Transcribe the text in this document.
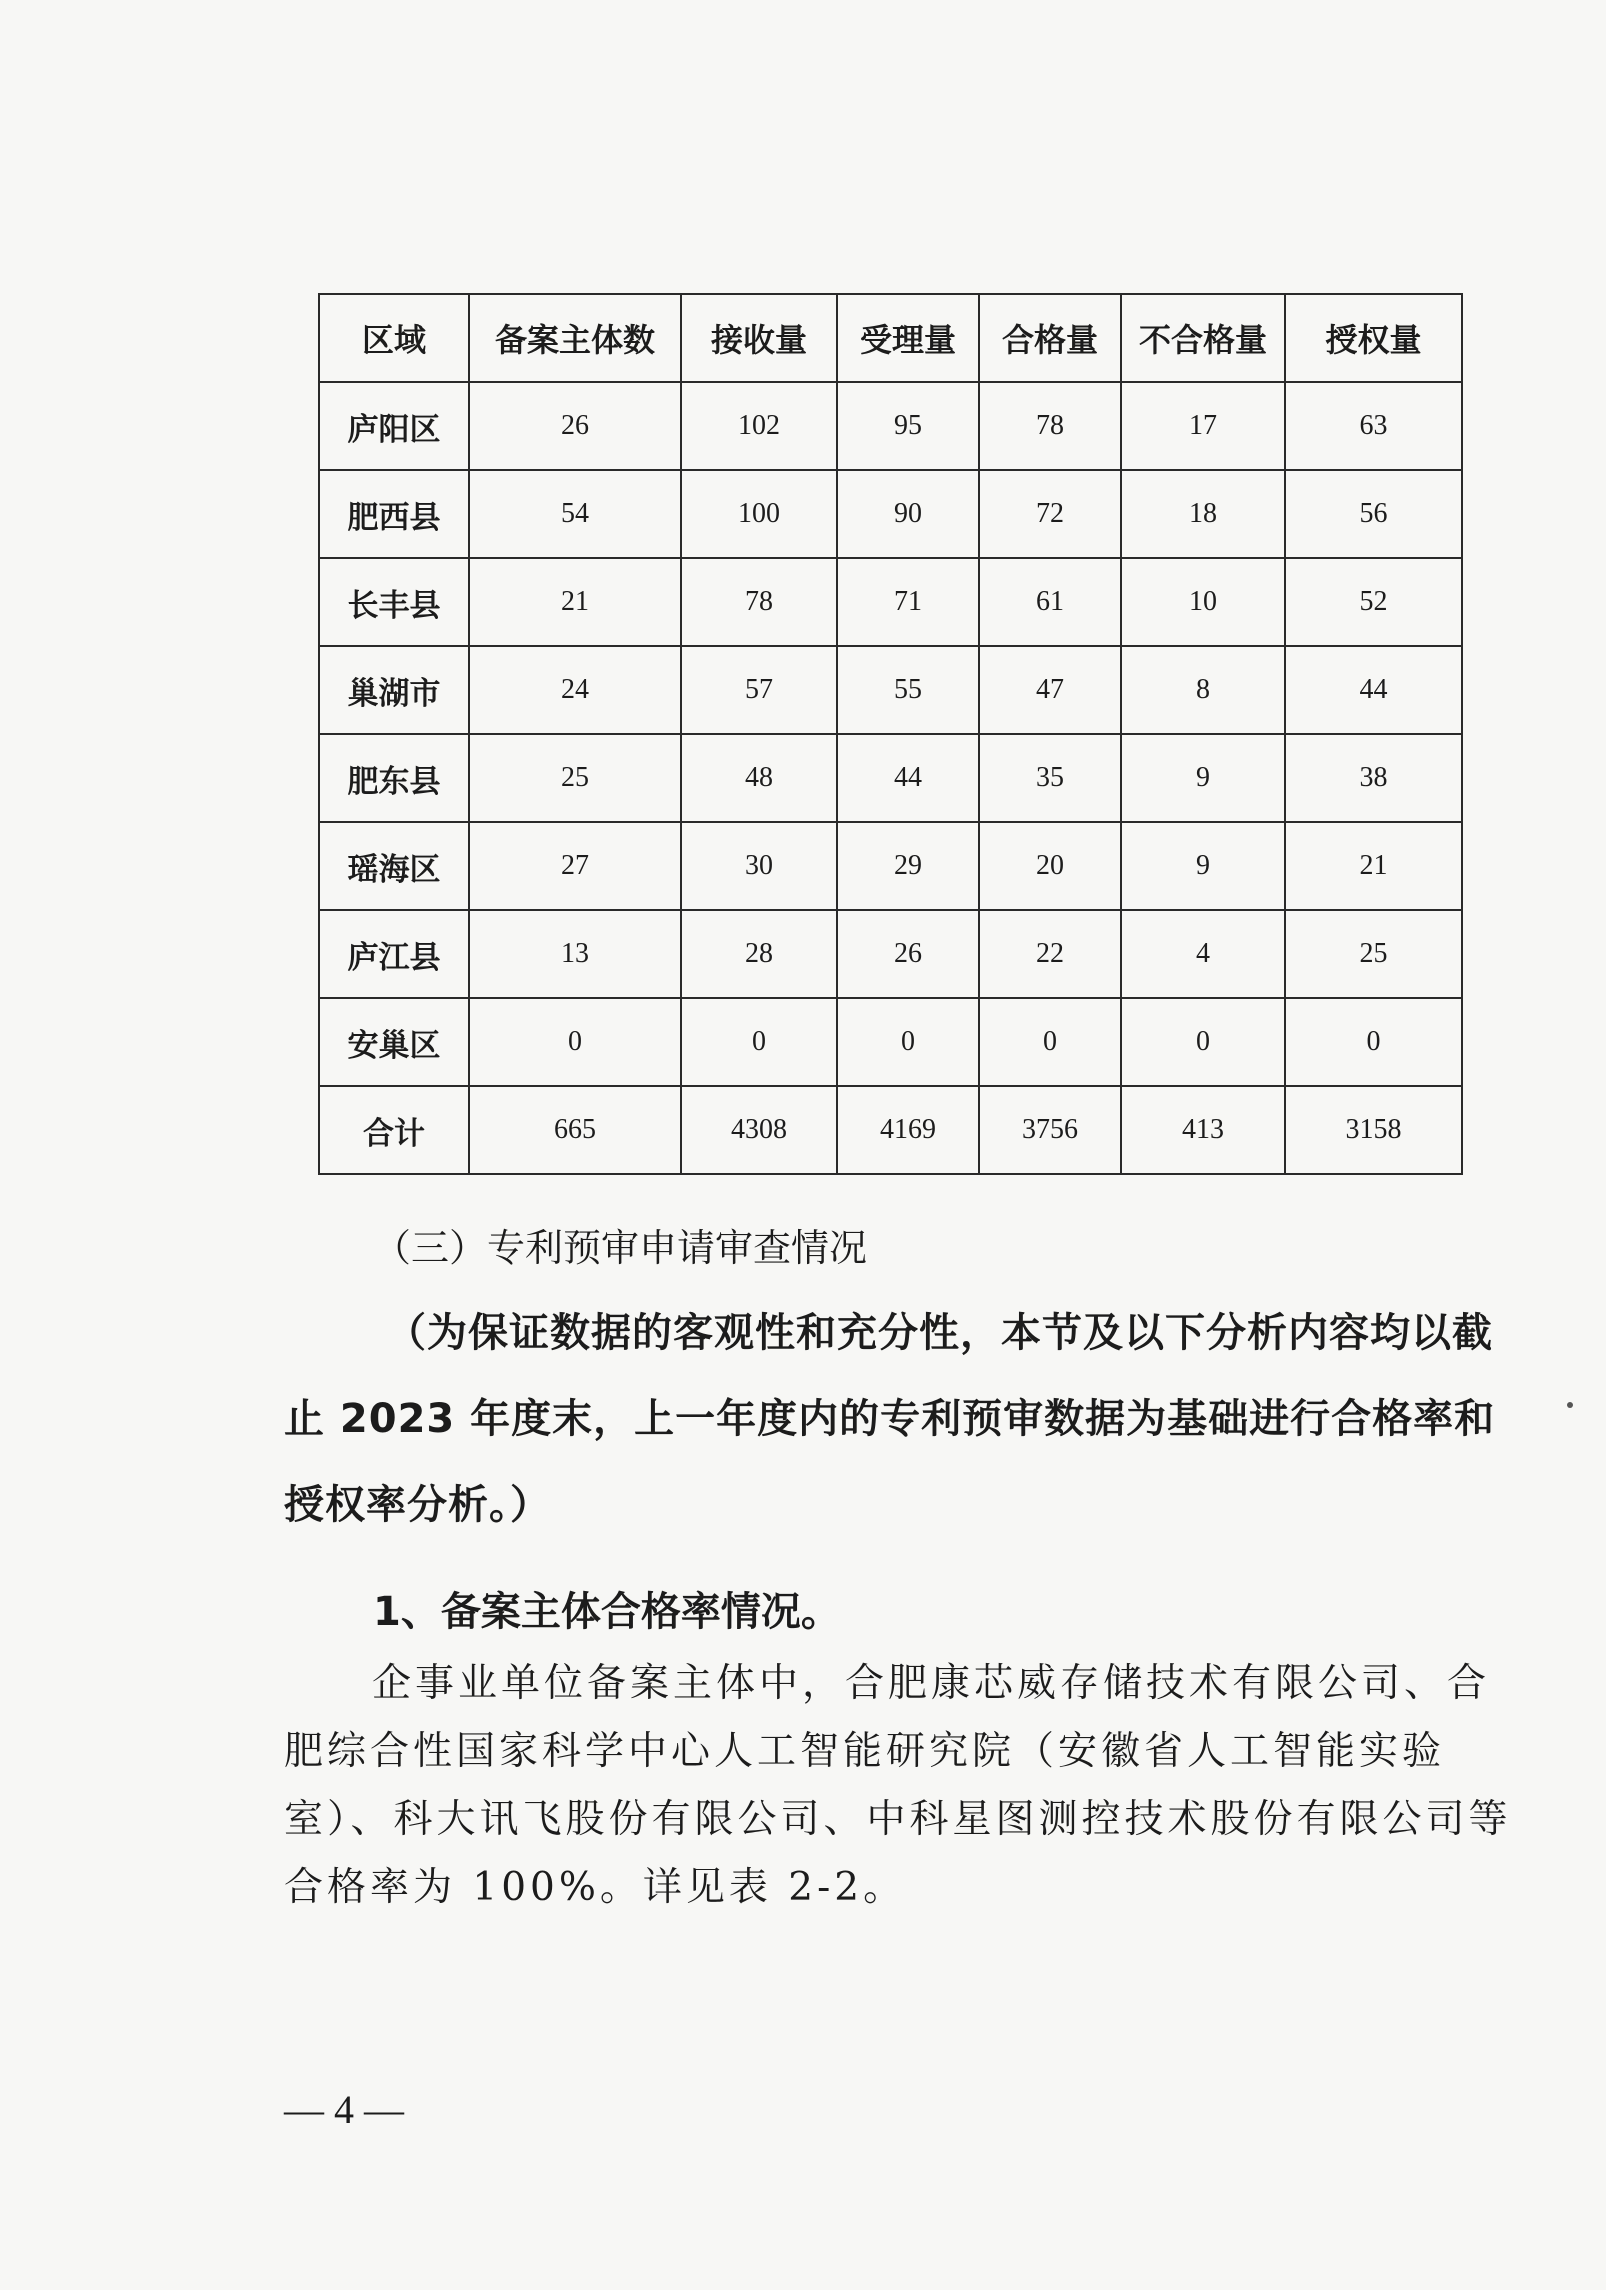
区域	备案主体数	接收量	受理量	合格量	不合格量	授权量
庐阳区	26	102	95	78	17	63
肥西县	54	100	90	72	18	56
长丰县	21	78	71	61	10	52
巢湖市	24	57	55	47	8	44
肥东县	25	48	44	35	9	38
瑶海区	27	30	29	20	9	21
庐江县	13	28	26	22	4	25
安巢区	0	0	0	0	0	0
合计	665	4308	4169	3756	413	3158
（三）专利预审申请审查情况
（为保证数据的客观性和充分性，本节及以下分析内容均以截止 2023 年度末，上一年度内的专利预审数据为基础进行合格率和授权率分析。）
1、备案主体合格率情况。
企事业单位备案主体中，合肥康芯威存储技术有限公司、合肥综合性国家科学中心人工智能研究院（安徽省人工智能实验室）、科大讯飞股份有限公司、中科星图测控技术股份有限公司等合格率为 100%。详见表 2-2。
— 4 —
